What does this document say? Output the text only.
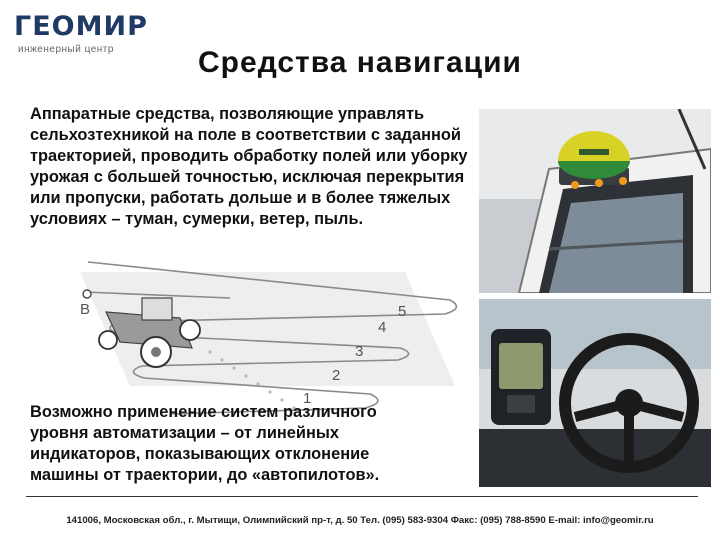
ГЕОМИР
инженерный центр	Средства навигации

Аппаратные средства, позволяющие управлять сельхозтехникой на поле в соответствии с заданной траекторией, проводить обработку полей или уборку урожая с большей точностью, исключая перекрытия или пропуски, работать дольше и в более тяжелых условиях – туман, сумерки, ветер, пыль.

B
1
2
3
4
5

Возможно применение систем различного уровня автоматизации – от линейных индикаторов, показывающих отклонение машины от траектории, до «автопилотов».

141006, Московская обл., г. Мытищи, Олимпийский пр-т, д. 50 Тел. (095) 583-9304 Факс: (095) 788-8590 E-mail: info@geomir.ru
